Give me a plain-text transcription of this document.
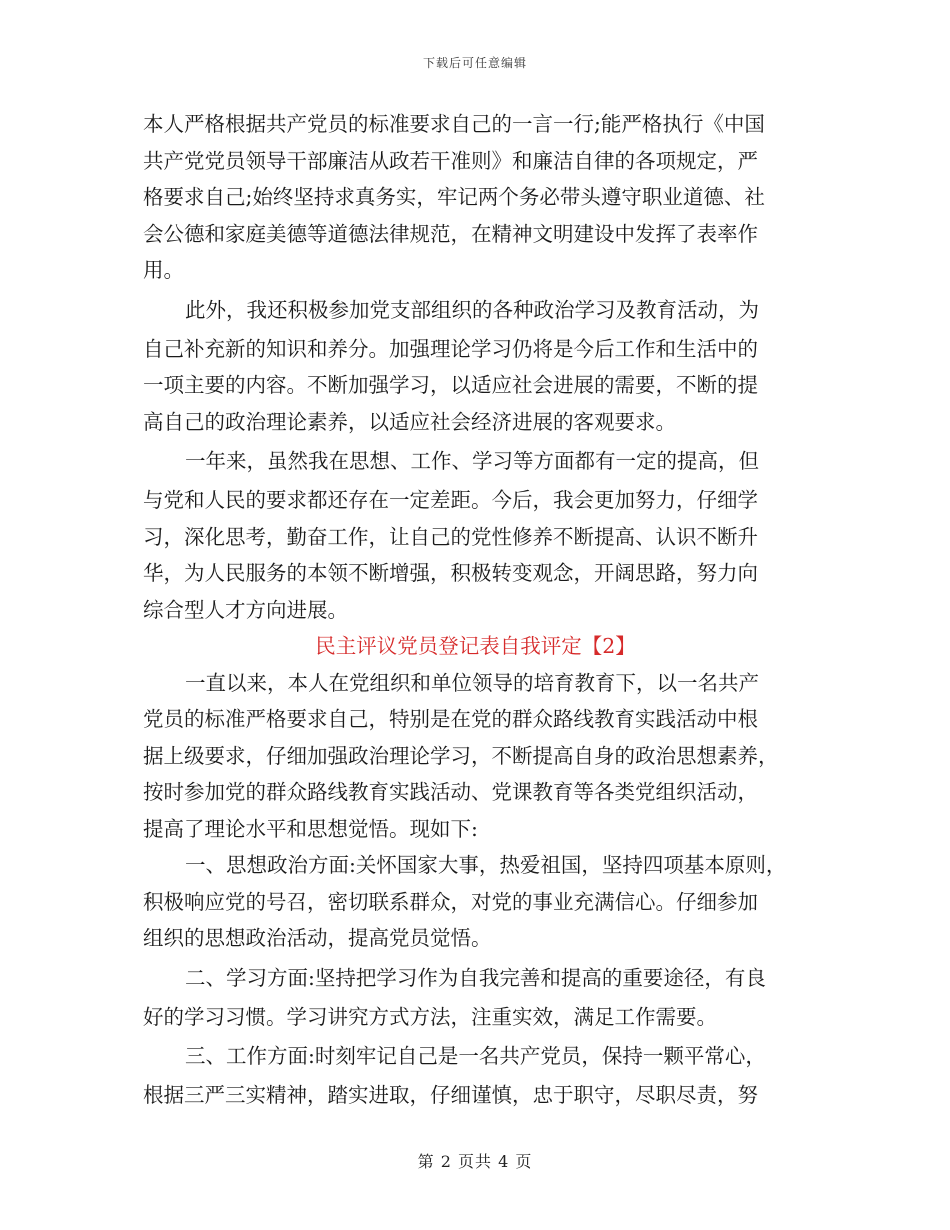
下载后可任意编辑
本人严格根据共产党员的标准要求自己的一言一行;能严格执行《中国
共产党党员领导干部廉洁从政若干准则》和廉洁自律的各项规定，严
格要求自己;始终坚持求真务实，牢记两个务必带头遵守职业道德、社
会公德和家庭美德等道德法律规范，在精神文明建设中发挥了表率作
用。
此外，我还积极参加党支部组织的各种政治学习及教育活动，为
自己补充新的知识和养分。加强理论学习仍将是今后工作和生活中的
一项主要的内容。不断加强学习，以适应社会进展的需要，不断的提
高自己的政治理论素养，以适应社会经济进展的客观要求。
一年来，虽然我在思想、工作、学习等方面都有一定的提高，但
与党和人民的要求都还存在一定差距。今后，我会更加努力，仔细学
习，深化思考，勤奋工作，让自己的党性修养不断提高、认识不断升
华，为人民服务的本领不断增强，积极转变观念，开阔思路，努力向
综合型人才方向进展。
民主评议党员登记表自我评定【2】
一直以来，本人在党组织和单位领导的培育教育下，以一名共产
党员的标准严格要求自己，特别是在党的群众路线教育实践活动中根
据上级要求，仔细加强政治理论学习，不断提高自身的政治思想素养，
按时参加党的群众路线教育实践活动、党课教育等各类党组织活动，
提高了理论水平和思想觉悟。现如下:
一、思想政治方面:关怀国家大事，热爱祖国，坚持四项基本原则，
积极响应党的号召，密切联系群众，对党的事业充满信心。仔细参加
组织的思想政治活动，提高党员觉悟。
二、学习方面:坚持把学习作为自我完善和提高的重要途径，有良
好的学习习惯。学习讲究方式方法，注重实效，满足工作需要。
三、工作方面:时刻牢记自己是一名共产党员，保持一颗平常心，
根据三严三实精神，踏实进取，仔细谨慎，忠于职守，尽职尽责，努
第 2 页共 4 页
